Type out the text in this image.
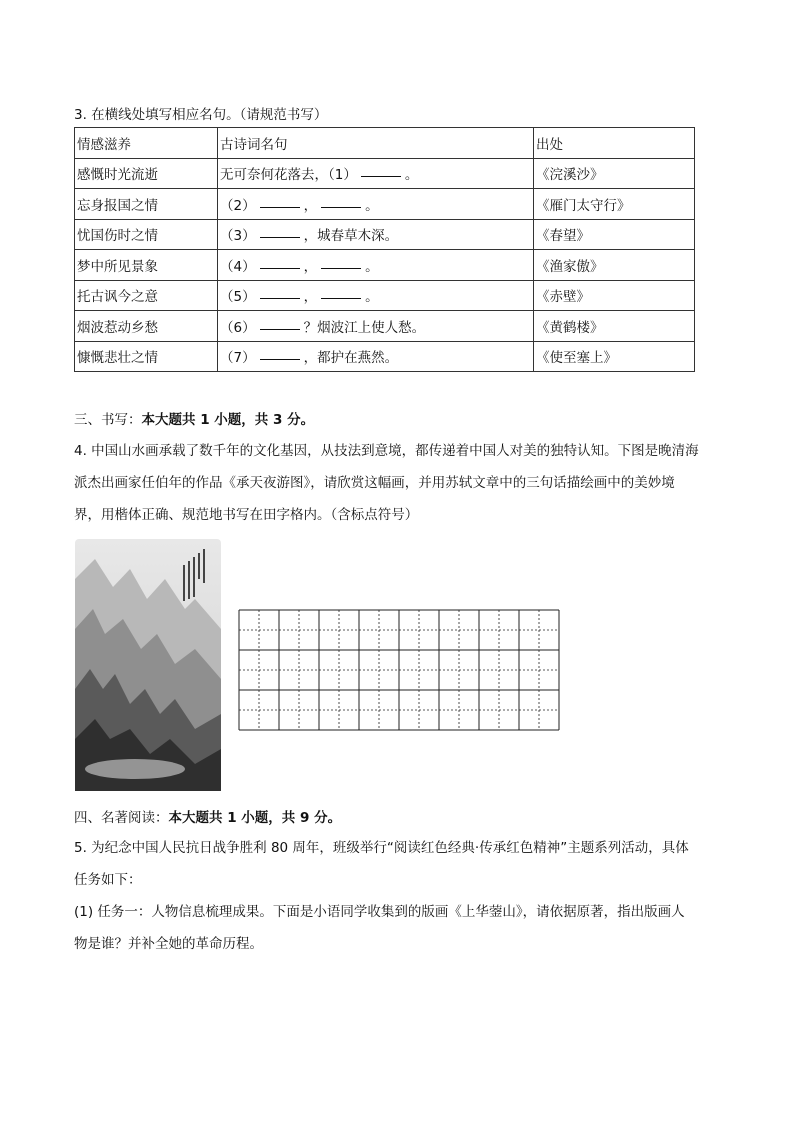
3. 在横线处填写相应名句。（请规范书写）
情感滋养	古诗词名句	出处
感慨时光流逝	无可奈何花落去，（1） 。	《浣溪沙》
忘身报国之情	（2） ， 。	《雁门太守行》
忧国伤时之情	（3） ，城春草木深。	《春望》
梦中所见景象	（4） ， 。	《渔家傲》
托古讽今之意	（5） ， 。	《赤壁》
烟波惹动乡愁	（6） ？烟波江上使人愁。	《黄鹤楼》
慷慨悲壮之情	（7） ，都护在燕然。	《使至塞上》
三、书写：本大题共 1 小题，共 3 分。
4. 中国山水画承载了数千年的文化基因，从技法到意境，都传递着中国人对美的独特认知。下图是晚清海
派杰出画家任伯年的作品《承天夜游图》，请欣赏这幅画，并用苏轼文章中的三句话描绘画中的美妙境
界，用楷体正确、规范地书写在田字格内。（含标点符号）
四、名著阅读：本大题共 1 小题，共 9 分。
5. 为纪念中国人民抗日战争胜利 80 周年，班级举行“阅读红色经典·传承红色精神”主题系列活动，具体
任务如下：
(1) 任务一：人物信息梳理成果。下面是小语同学收集到的版画《上华蓥山》，请依据原著，指出版画人
物是谁？并补全她的革命历程。
